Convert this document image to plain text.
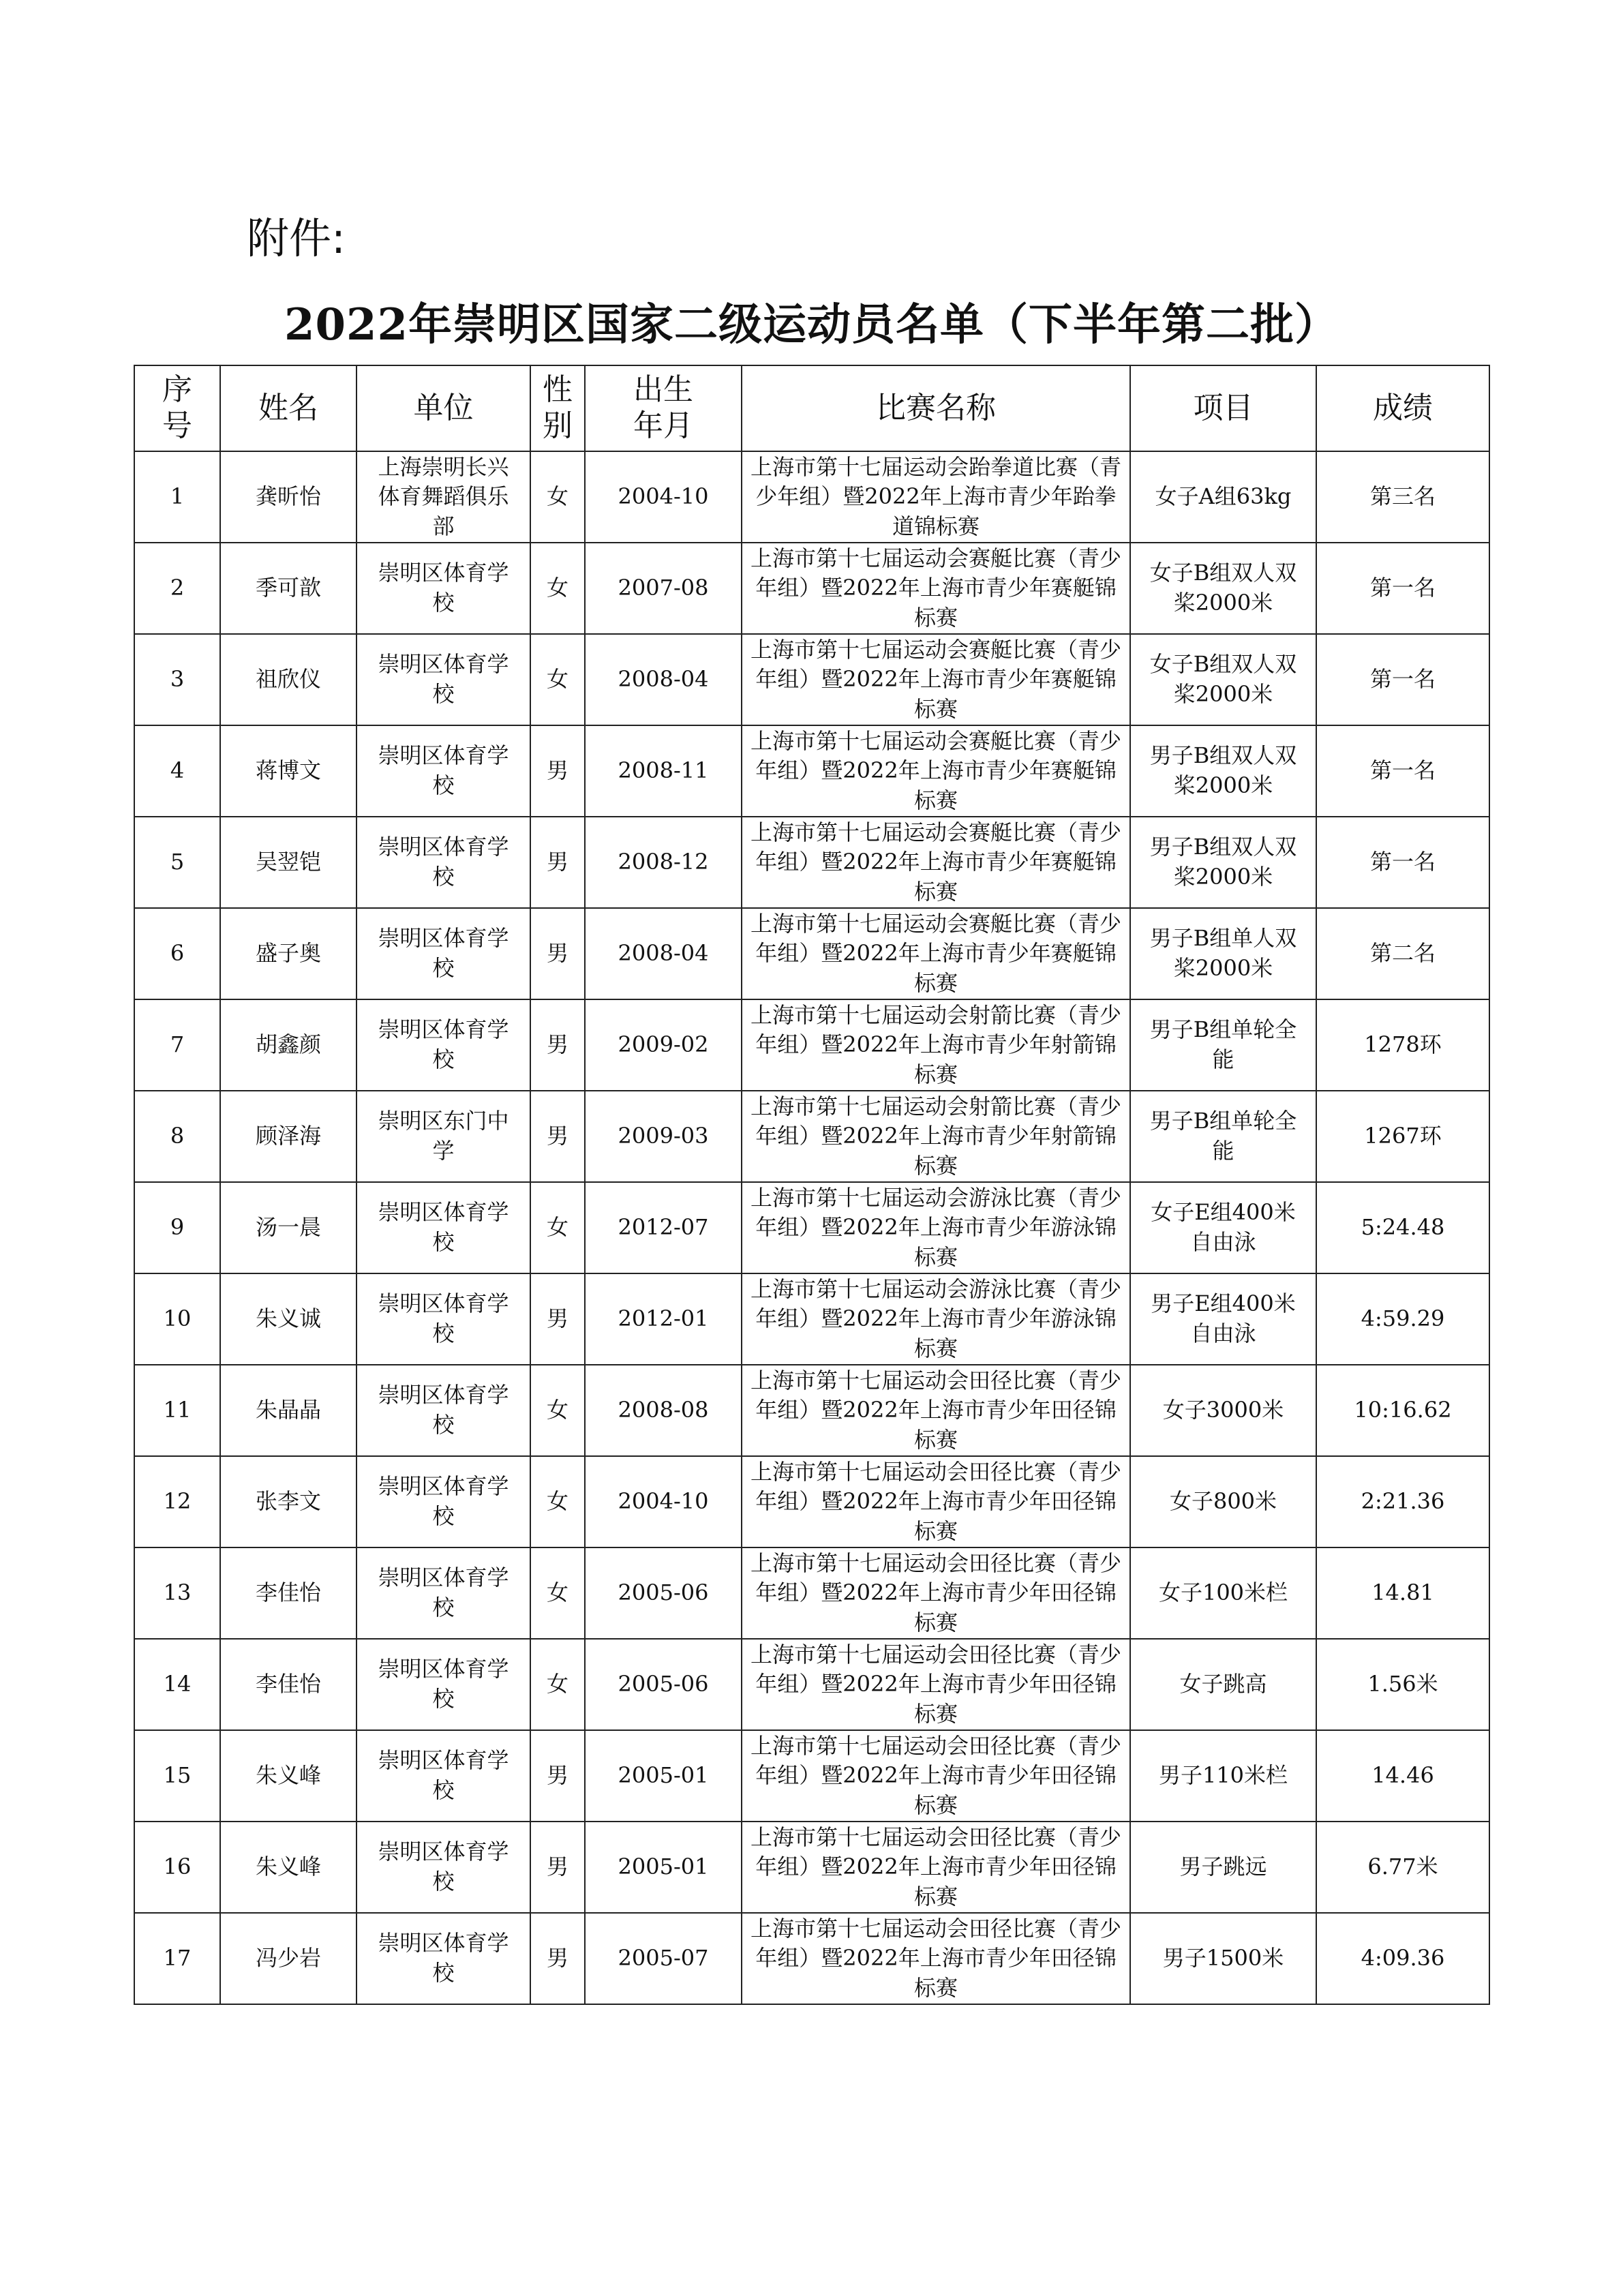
附件:
2022年崇明区国家二级运动员名单（下半年第二批）
序号	姓名	单位	性别	出生年月	比赛名称	项目	成绩
1	龚昕怡	上海崇明长兴体育舞蹈俱乐部	女	2004-10	上海市第十七届运动会跆拳道比赛（青少年组）暨2022年上海市青少年跆拳道锦标赛	女子A组63kg	第三名
2	季可歆	崇明区体育学校	女	2007-08	上海市第十七届运动会赛艇比赛（青少年组）暨2022年上海市青少年赛艇锦标赛	女子B组双人双桨2000米	第一名
3	祖欣仪	崇明区体育学校	女	2008-04	上海市第十七届运动会赛艇比赛（青少年组）暨2022年上海市青少年赛艇锦标赛	女子B组双人双桨2000米	第一名
4	蒋博文	崇明区体育学校	男	2008-11	上海市第十七届运动会赛艇比赛（青少年组）暨2022年上海市青少年赛艇锦标赛	男子B组双人双桨2000米	第一名
5	吴翌铠	崇明区体育学校	男	2008-12	上海市第十七届运动会赛艇比赛（青少年组）暨2022年上海市青少年赛艇锦标赛	男子B组双人双桨2000米	第一名
6	盛子奥	崇明区体育学校	男	2008-04	上海市第十七届运动会赛艇比赛（青少年组）暨2022年上海市青少年赛艇锦标赛	男子B组单人双桨2000米	第二名
7	胡鑫颜	崇明区体育学校	男	2009-02	上海市第十七届运动会射箭比赛（青少年组）暨2022年上海市青少年射箭锦标赛	男子B组单轮全能	1278环
8	顾泽海	崇明区东门中学	男	2009-03	上海市第十七届运动会射箭比赛（青少年组）暨2022年上海市青少年射箭锦标赛	男子B组单轮全能	1267环
9	汤一晨	崇明区体育学校	女	2012-07	上海市第十七届运动会游泳比赛（青少年组）暨2022年上海市青少年游泳锦标赛	女子E组400米自由泳	5:24.48
10	朱义诚	崇明区体育学校	男	2012-01	上海市第十七届运动会游泳比赛（青少年组）暨2022年上海市青少年游泳锦标赛	男子E组400米自由泳	4:59.29
11	朱晶晶	崇明区体育学校	女	2008-08	上海市第十七届运动会田径比赛（青少年组）暨2022年上海市青少年田径锦标赛	女子3000米	10:16.62
12	张李文	崇明区体育学校	女	2004-10	上海市第十七届运动会田径比赛（青少年组）暨2022年上海市青少年田径锦标赛	女子800米	2:21.36
13	李佳怡	崇明区体育学校	女	2005-06	上海市第十七届运动会田径比赛（青少年组）暨2022年上海市青少年田径锦标赛	女子100米栏	14.81
14	李佳怡	崇明区体育学校	女	2005-06	上海市第十七届运动会田径比赛（青少年组）暨2022年上海市青少年田径锦标赛	女子跳高	1.56米
15	朱义峰	崇明区体育学校	男	2005-01	上海市第十七届运动会田径比赛（青少年组）暨2022年上海市青少年田径锦标赛	男子110米栏	14.46
16	朱义峰	崇明区体育学校	男	2005-01	上海市第十七届运动会田径比赛（青少年组）暨2022年上海市青少年田径锦标赛	男子跳远	6.77米
17	冯少岩	崇明区体育学校	男	2005-07	上海市第十七届运动会田径比赛（青少年组）暨2022年上海市青少年田径锦标赛	男子1500米	4:09.36
